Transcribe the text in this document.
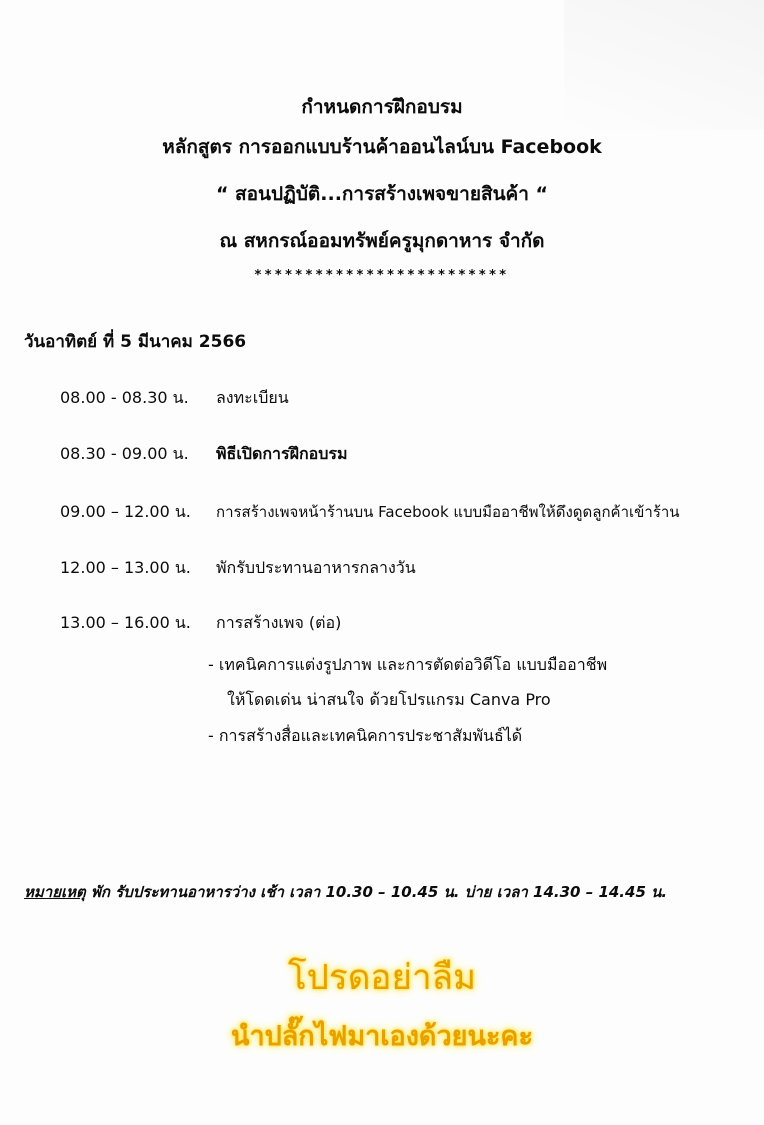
กำหนดการฝึกอบรม
หลักสูตร การออกแบบร้านค้าออนไลน์บน Facebook
“ สอนปฏิบัติ...การสร้างเพจขายสินค้า “
ณ สหกรณ์ออมทรัพย์ครูมุกดาหาร จำกัด
*************************
วันอาทิตย์ ที่ 5 มีนาคม 2566
08.00 - 08.30 น.	ลงทะเบียน
08.30 - 09.00 น.	พิธีเปิดการฝึกอบรม
09.00 – 12.00 น.	การสร้างเพจหน้าร้านบน Facebook แบบมืออาชีพให้ดึงดูดลูกค้าเข้าร้าน
12.00 – 13.00 น.	พักรับประทานอาหารกลางวัน
13.00 – 16.00 น.	การสร้างเพจ (ต่อ)
- เทคนิคการแต่งรูปภาพ และการตัดต่อวิดีโอ แบบมืออาชีพ
ให้โดดเด่น น่าสนใจ ด้วยโปรแกรม Canva Pro
- การสร้างสื่อและเทคนิคการประชาสัมพันธ์ได้
หมายเหตุ พัก รับประทานอาหารว่าง เช้า เวลา 10.30 – 10.45 น. บ่าย เวลา 14.30 – 14.45 น.
โปรดอย่าลืม
นำปลั๊กไฟมาเองด้วยนะคะ
